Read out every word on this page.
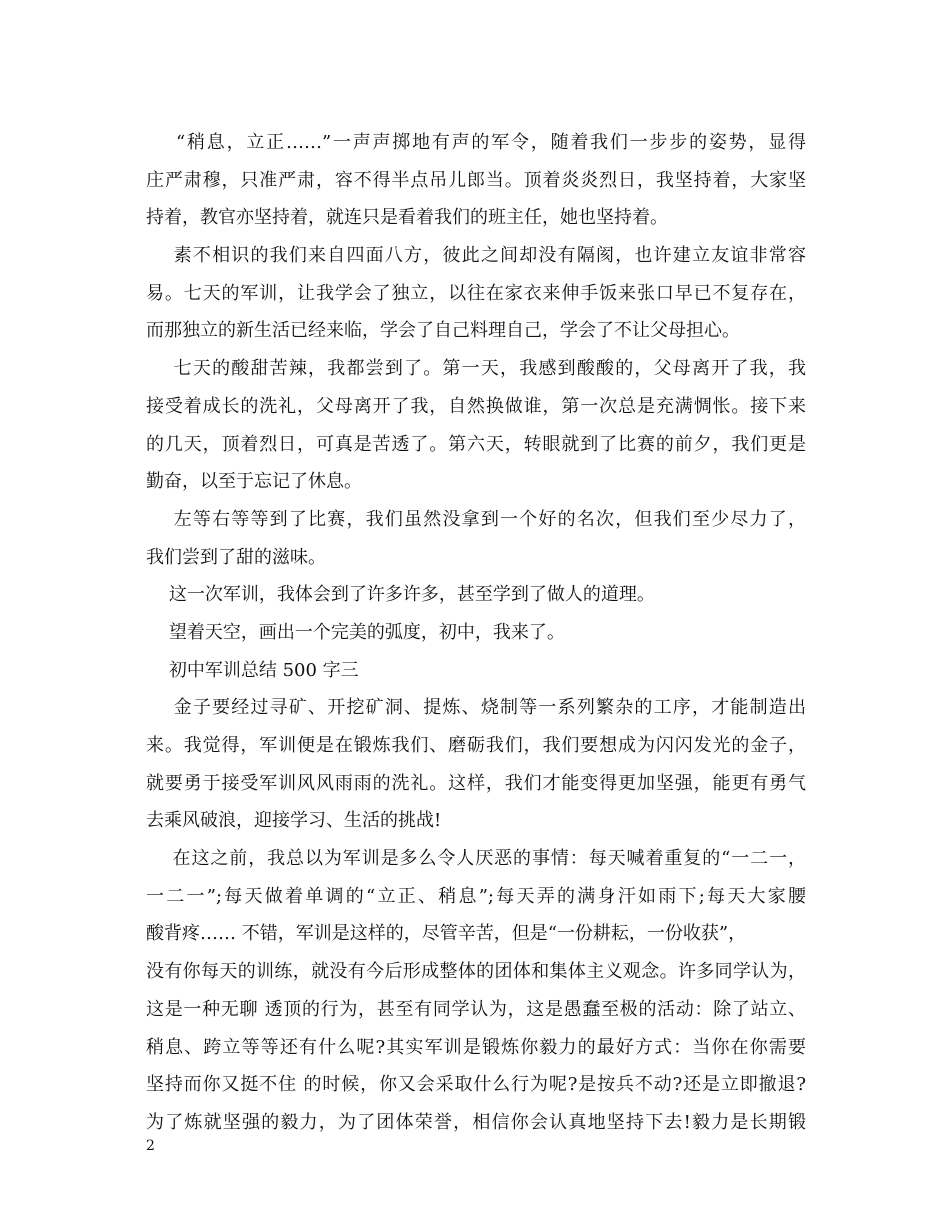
“稍息，立正……”一声声掷地有声的军令，随着我们一步步的姿势，显得
庄严肃穆，只准严肃，容不得半点吊儿郎当。顶着炎炎烈日，我坚持着，大家坚
持着，教官亦坚持着，就连只是看着我们的班主任，她也坚持着。
素不相识的我们来自四面八方，彼此之间却没有隔阂，也许建立友谊非常容
易。七天的军训，让我学会了独立，以往在家衣来伸手饭来张口早已不复存在，
而那独立的新生活已经来临，学会了自己料理自己，学会了不让父母担心。
七天的酸甜苦辣，我都尝到了。第一天，我感到酸酸的，父母离开了我，我
接受着成长的洗礼，父母离开了我，自然换做谁，第一次总是充满惆怅。接下来
的几天，顶着烈日，可真是苦透了。第六天，转眼就到了比赛的前夕，我们更是
勤奋，以至于忘记了休息。
左等右等等到了比赛，我们虽然没拿到一个好的名次，但我们至少尽力了，
我们尝到了甜的滋味。
这一次军训，我体会到了许多许多，甚至学到了做人的道理。
望着天空，画出一个完美的弧度，初中，我来了。
初中军训总结 500 字三
金子要经过寻矿、开挖矿洞、提炼、烧制等一系列繁杂的工序，才能制造出
来。我觉得，军训便是在锻炼我们、磨砺我们，我们要想成为闪闪发光的金子，
就要勇于接受军训风风雨雨的洗礼。这样，我们才能变得更加坚强，能更有勇气
去乘风破浪，迎接学习、生活的挑战!
在这之前，我总以为军训是多么令人厌恶的事情：每天喊着重复的“一二一，
一二一”;每天做着单调的“立正、稍息”;每天弄的满身汗如雨下;每天大家腰
酸背疼…… 不错，军训是这样的，尽管辛苦，但是“一份耕耘，一份收获”，
没有你每天的训练，就没有今后形成整体的团体和集体主义观念。许多同学认为，
这是一种无聊 透顶的行为，甚至有同学认为，这是愚蠢至极的活动：除了站立、
稍息、跨立等等还有什么呢?其实军训是锻炼你毅力的最好方式：当你在你需要
坚持而你又挺不住 的时候，你又会采取什么行为呢?是按兵不动?还是立即撤退?
为了炼就坚强的毅力，为了团体荣誉，相信你会认真地坚持下去!毅力是长期锻
2
